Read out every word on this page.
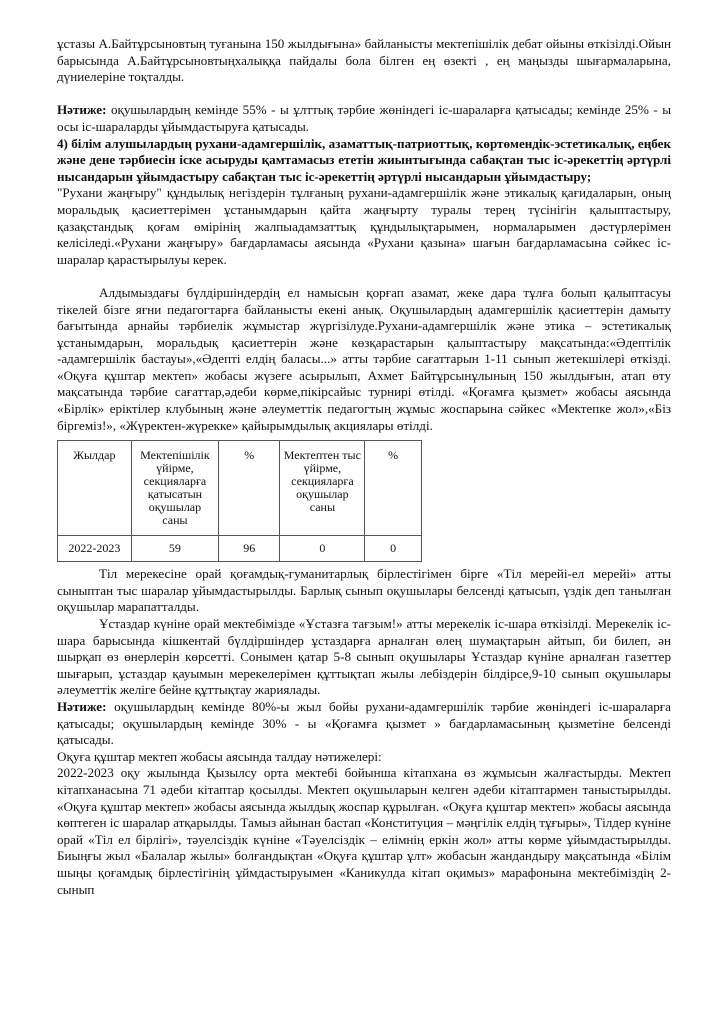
ұстазы А.Байтұрсыновтың туғанына 150 жылдығына» байланысты мектепішілік дебат ойыны өткізілді.Ойын барысында А.Байтұрсыновтыңхалыққа пайдалы бола білген ең өзекті , ең маңызды шығармаларына, дүниелеріне тоқталды.

Нәтиже: оқушылардың кемінде 55% - ы ұлттық тәрбие жөніндегі іс-шараларға қатысады; кемінде 25% - ы осы іс-шараларды ұйымдастыруға қатысады.

4) білім алушылардың рухани-адамгершілік, азаматтық-патриоттық, көртөмендік-эстетикалық, еңбек және дене тәрбиесін іске асыруды қамтамасыз ететін жиынтығында сабақтан тыс іс-әрекеттің әртүрлі нысандарын ұйымдастыру сабақтан тыс іс-әрекеттің әртүрлі нысандарын ұйымдастыру;

"Рухани жаңғыру" құндылық негіздерін тұлғаның рухани-адамгершілік және этикалық қағидаларын, оның моральдық қасиеттерімен ұстанымдарын қайта жаңғырту туралы терең түсінігін қалыптастыру, қазақстандық қоғам өмірінің жалпыадамзаттық құндылықтарымен, нормаларымен дәстүрлерімен келісіледі.«Рухани жаңғыру» бағдарламасы аясында «Рухани қазына» шағын бағдарламасына сәйкес іс-шаралар қарастырылуы керек.

Алдымыздағы бүлдіршіндердің ел намысын қорғап азамат, жеке дара тұлға болып қалыптасуы тікелей бізге яғни педагогтарға байланысты екені анық. Оқушылардың адамгершілік қасиеттерін дамыту бағытында арнайы тәрбиелік жұмыстар жүргізілуде.Рухани-адамгершілік және этика – эстетикалық ұстанымдарын, моральдық қасиеттерін және көзқарастарын қалыптастыру мақсатында:«Әдептілік -адамгершілік бастауы»,«Әдепті елдің баласы...» атты тәрбие сағаттарын 1-11 сынып жетекшілері өткізді. «Оқуға құштар мектеп» жобасы жүзеге асырылып, Ахмет Байтұрсынұлының 150 жылдығын, атап өту мақсатында тәрбие сағаттар,әдеби көрме,пікірсайыс турнирі өтілді. «Қоғамға қызмет» жобасы аясында «Бірлік» еріктілер клубының және әлеуметтік педагогтың жұмыс жоспарына сәйкес «Мектепке жол»,«Біз біргеміз!», «Жүректен-жүрекке» қайырымдылық акциялары өтілді.

Жылдар	Мектепішілік үйірме, секцияларға қатысатын оқушылар саны	%	Мектептен тыс үйірме, секцияларға оқушылар саны	%
2022-2023	59	96	0	0

Тіл мерекесіне орай қоғамдық-гуманитарлық бірлестігімен бірге «Тіл мерейі-ел мерейі» атты сыныптан тыс шаралар ұйымдастырылды. Барлық сынып оқушылары белсенді қатысып, үздік деп танылған оқушылар марапатталды.

Ұстаздар күніне орай мектебімізде «Ұстазға тағзым!» атты мерекелік іс-шара өткізілді. Мерекелік іс-шара барысында кішкентай бүлдіршіндер ұстаздарға арналған өлең шумақтарын айтып, би билеп, ән шырқап өз өнерлерін көрсетті. Сонымен қатар 5-8 сынып оқушылары Ұстаздар күніне арналған газеттер шығарып, ұстаздар қауымын мерекелерімен құттықтап жылы лебіздерін білдірсе,9-10 сынып оқушылары әлеуметтік желіге бейне құттықтау жариялады.

Нәтиже: оқушылардың кемінде 80%-ы жыл бойы рухани-адамгершілік тәрбие жөніндегі іс-шараларға қатысады; оқушылардың кемінде 30% - ы «Қоғамға қызмет » бағдарламасының қызметіне белсенді қатысады.

Оқуға құштар мектеп жобасы аясында талдау нәтижелері:

2022-2023 оқу жылында Қызылсу орта мектебі бойынша кітапхана өз жұмысын жалғастырды. Мектеп кітапханасына 71 әдеби кітаптар қосылды. Мектеп оқушыларын келген әдеби кітаптармен таныстырылды. «Оқуға құштар мектеп» жобасы аясында жылдық жоспар құрылған. «Оқуға құштар мектеп» жобасы аясында көптеген іс шаралар атқарылды. Тамыз айынан бастап «Конституция – мәңгілік елдің тұғыры», Тілдер күніне орай «Тіл ел бірлігі», тәуелсіздік күніне «Тәуелсіздік – елімнің еркін жол» атты көрме ұйымдастырылды. Биыңғы жыл «Балалар жылы» болғандықтан «Оқуға құштар ұлт» жобасын жандандыру мақсатында «Білім шыңы қоғамдық бірлестігінің ұймдастыруымен «Каникулда кітап оқимыз» марафонына мектебіміздің 2-сынып
